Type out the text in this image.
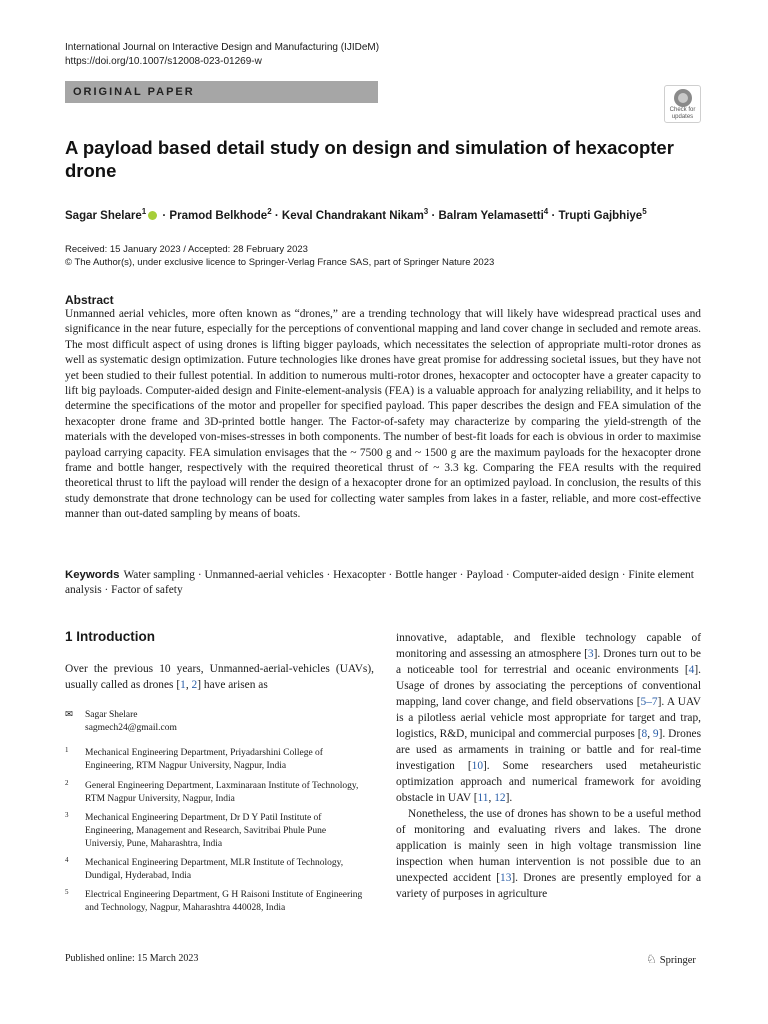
International Journal on Interactive Design and Manufacturing (IJIDeM)
https://doi.org/10.1007/s12008-023-01269-w
ORIGINAL PAPER
Check for
updates
A payload based detail study on design and simulation of hexacopter drone
Sagar Shelare$^1$ · Pramod Belkhode$^2$ · Keval Chandrakant Nikam$^3$ · Balram Yelamasetti$^4$ · Trupti Gajbhiye$^5$
Received: 15 January 2023 / Accepted: 28 February 2023
© The Author(s), under exclusive licence to Springer-Verlag France SAS, part of Springer Nature 2023
Abstract
Unmanned aerial vehicles, more often known as “drones,” are a trending technology that will likely have widespread practical uses and significance in the near future, especially for the perceptions of conventional mapping and land cover change in secluded and remote areas. The most difficult aspect of using drones is lifting bigger payloads, which necessitates the selection of appropriate multi-rotor drones as well as systematic design optimization. Future technologies like drones have great promise for addressing societal issues, but they have not yet been studied to their fullest potential. In addition to numerous multi-rotor drones, hexacopter and octocopter have a greater capacity to lift big payloads. Computer-aided design and Finite-element-analysis (FEA) is a valuable approach for analyzing reliability, and it helps to determine the specifications of the motor and propeller for specified payload. This paper describes the design and FEA simulation of the hexacopter drone frame and 3D-printed bottle hanger. The Factor-of-safety may characterize by comparing the yield-strength of the materials with the developed von-mises-stresses in both components. The number of best-fit loads for each is obvious in order to maximise payload carrying capacity. FEA simulation envisages that the ~ 7500 g and ~ 1500 g are the maximum payloads for the hexacopter drone frame and bottle hanger, respectively with the required theoretical thrust of ~ 3.3 kg. Comparing the FEA results with the required theoretical thrust to lift the payload will render the design of a hexacopter drone for an optimized payload. In conclusion, the results of this study demonstrate that drone technology can be used for collecting water samples from lakes in a faster, reliable, and more cost-effective manner than out-dated sampling by means of boats.
Keywords Water sampling · Unmanned-aerial vehicles · Hexacopter · Bottle hanger · Payload · Computer-aided design · Finite element analysis · Factor of safety
1 Introduction
Over the previous 10 years, Unmanned-aerial-vehicles (UAVs), usually called as drones [1, 2] have arisen as

innovative, adaptable, and flexible technology capable of monitoring and assessing an atmosphere [3]. Drones turn out to be a noticeable tool for terrestrial and oceanic environments [4]. Usage of drones by associating the perceptions of conventional mapping, land cover change, and field observations [5–7]. A UAV is a pilotless aerial vehicle most appropriate for target and trap, logistics, R&D, municipal and commercial purposes [8, 9]. Drones are used as armaments in training or battle and for real-time investigation [10]. Some researchers used metaheuristic optimization approach and numerical framework for avoiding obstacle in UAV [11, 12].

Nonetheless, the use of drones has shown to be a useful method of monitoring and evaluating rivers and lakes. The drone application is mainly seen in high voltage transmission line inspection when human intervention is not possible due to an unexpected accident [13]. Drones are presently employed for a variety of purposes in agriculture

✉ Sagar Shelare
sagmech24@gmail.com
1 Mechanical Engineering Department, Priyadarshini College of Engineering, RTM Nagpur University, Nagpur, India
2 General Engineering Department, Laxminaraan Institute of Technology, RTM Nagpur University, Nagpur, India
3 Mechanical Engineering Department, Dr D Y Patil Institute of Engineering, Management and Research, Savitribai Phule Pune Universiy, Pune, Maharashtra, India
4 Mechanical Engineering Department, MLR Institute of Technology, Dundigal, Hyderabad, India
5 Electrical Engineering Department, G H Raisoni Institute of Engineering and Technology, Nagpur, Maharashtra 440028, India
Published online: 15 March 2023	♘ Springer
